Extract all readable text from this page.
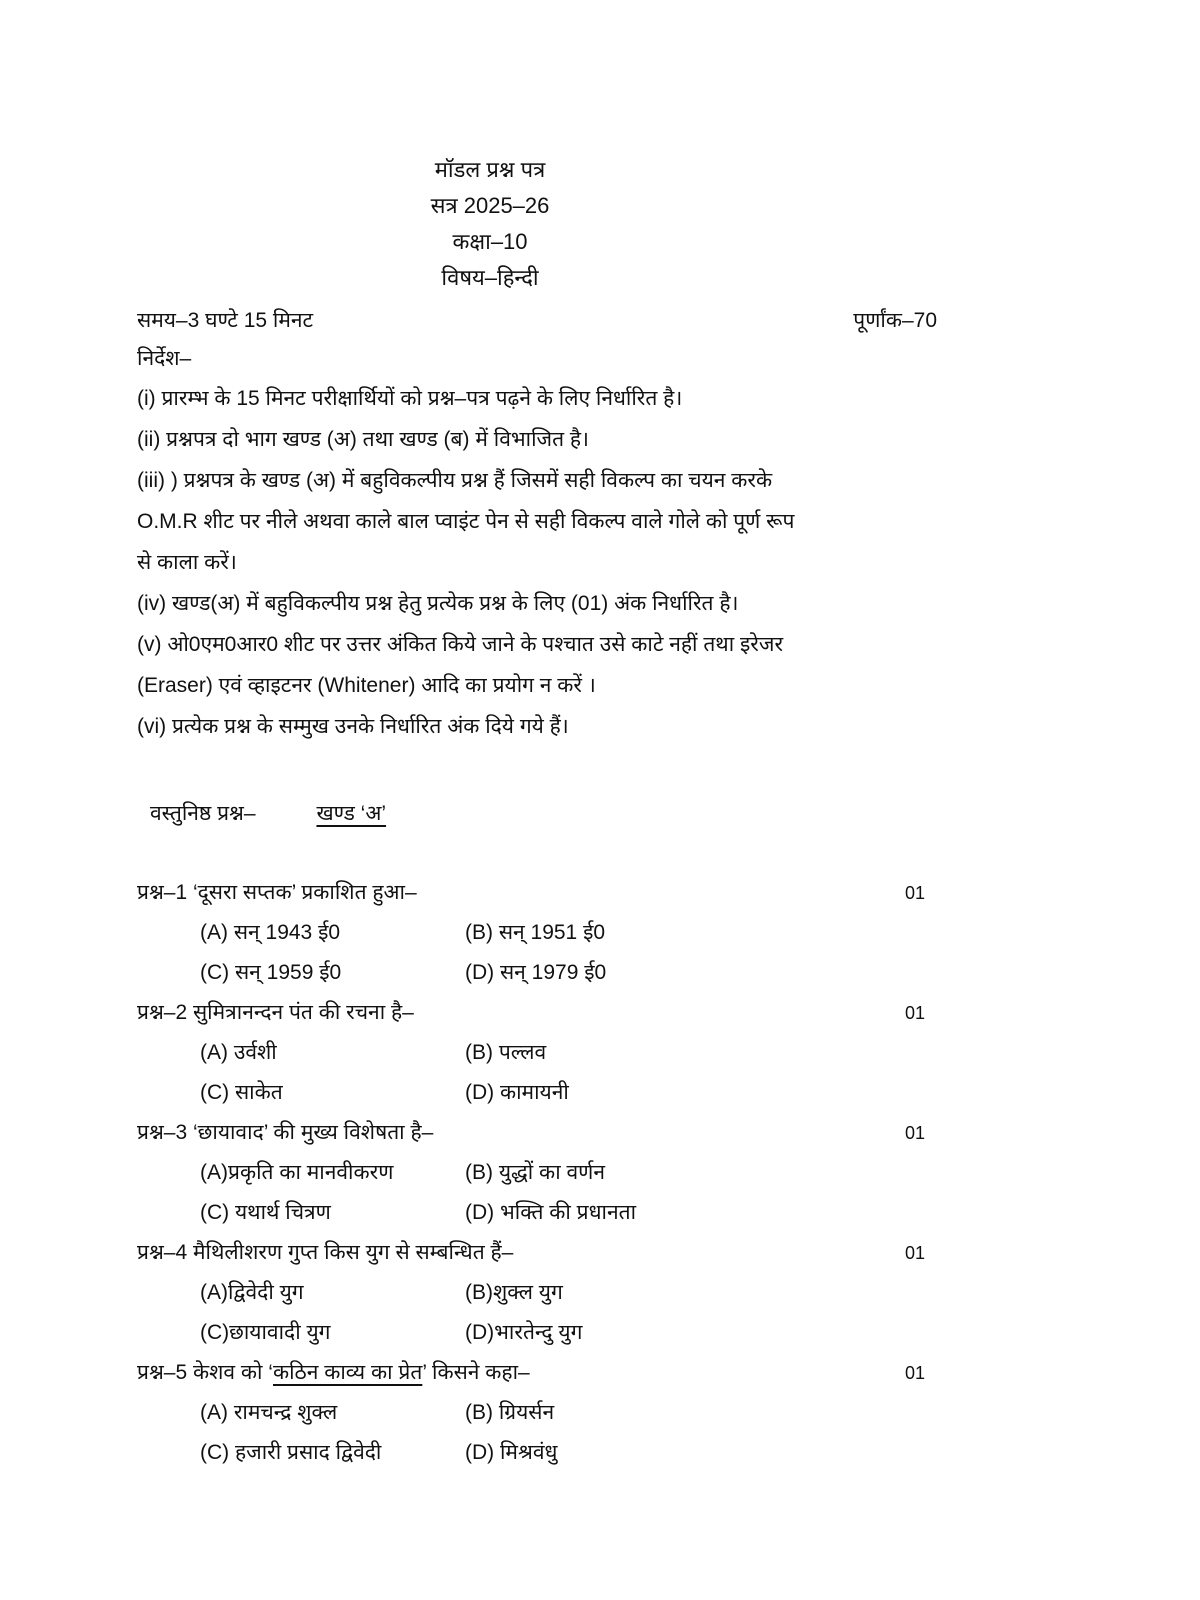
मॉडल प्रश्न पत्र

सत्र 2025–26

कक्षा–10

विषय–हिन्दी

समय–3 घण्टे 15 मिनट	पूर्णांक–70
निर्देश–

(i) प्रारम्भ के 15 मिनट परीक्षार्थियों को प्रश्न–पत्र पढ़ने के लिए निर्धारित है।

(ii) प्रश्नपत्र दो भाग खण्ड (अ) तथा खण्ड (ब) में विभाजित है।

(iii) ) प्रश्नपत्र के खण्ड (अ) में बहुविकल्पीय प्रश्न हैं जिसमें सही विकल्प का चयन करके

O.M.R शीट पर नीले अथवा काले बाल प्वाइंट पेन से सही विकल्प वाले गोले को पूर्ण रूप

से काला करें।

(iv) खण्ड(अ) में बहुविकल्पीय प्रश्न हेतु प्रत्येक प्रश्न के लिए (01) अंक निर्धारित है।

(v) ओ0एम0आर0 शीट पर उत्तर अंकित किये जाने के पश्चात उसे काटे नहीं तथा इरेजर

(Eraser) एवं व्हाइटनर (Whitener) आदि का प्रयोग न करें ।

(vi) प्रत्येक प्रश्न के सम्मुख उनके निर्धारित अंक दिये गये हैं।

वस्तुनिष्ठ प्रश्न–	खण्ड ‘अ’
प्रश्न–1 ‘दूसरा सप्तक’ प्रकाशित हुआ–	01
(A) सन् 1943 ई0	(B) सन् 1951 ई0
(C) सन् 1959 ई0	(D) सन् 1979 ई0
प्रश्न–2 सुमित्रानन्दन पंत की रचना है–	01
(A) उर्वशी	(B) पल्लव
(C) साकेत	(D) कामायनी
प्रश्न–3 ‘छायावाद’ की मुख्य विशेषता है–	01
(A)प्रकृति का मानवीकरण	(B) युद्धों का वर्णन
(C) यथार्थ चित्रण	(D) भक्ति की प्रधानता
प्रश्न–4 मैथिलीशरण गुप्त किस युग से सम्बन्धित हैं–	01
(A)द्विवेदी युग	(B)शुक्ल युग
(C)छायावादी युग	(D)भारतेन्दु युग
प्रश्न–5 केशव को ‘कठिन काव्य का प्रेत’ किसने कहा–	01
(A) रामचन्द्र शुक्ल	(B) ग्रियर्सन
(C) हजारी प्रसाद द्विवेदी	(D) मिश्रवंधु
